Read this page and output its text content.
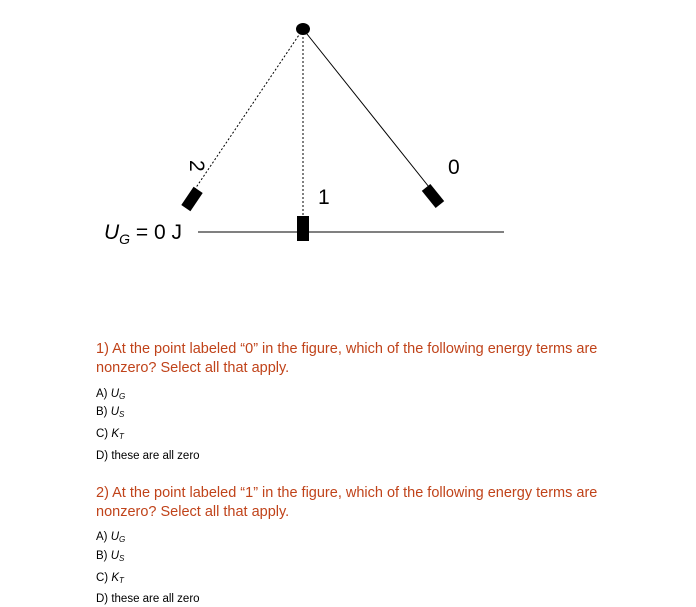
0
1
2
$U_G = 0$ J
1) At the point labeled “0” in the figure, which of the following energy terms are nonzero? Select all that apply.
A) $U_G$
B) $U_S$
C) $K_T$
D) these are all zero
2) At the point labeled “1” in the figure, which of the following energy terms are nonzero? Select all that apply.
A) $U_G$
B) $U_S$
C) $K_T$
D) these are all zero
